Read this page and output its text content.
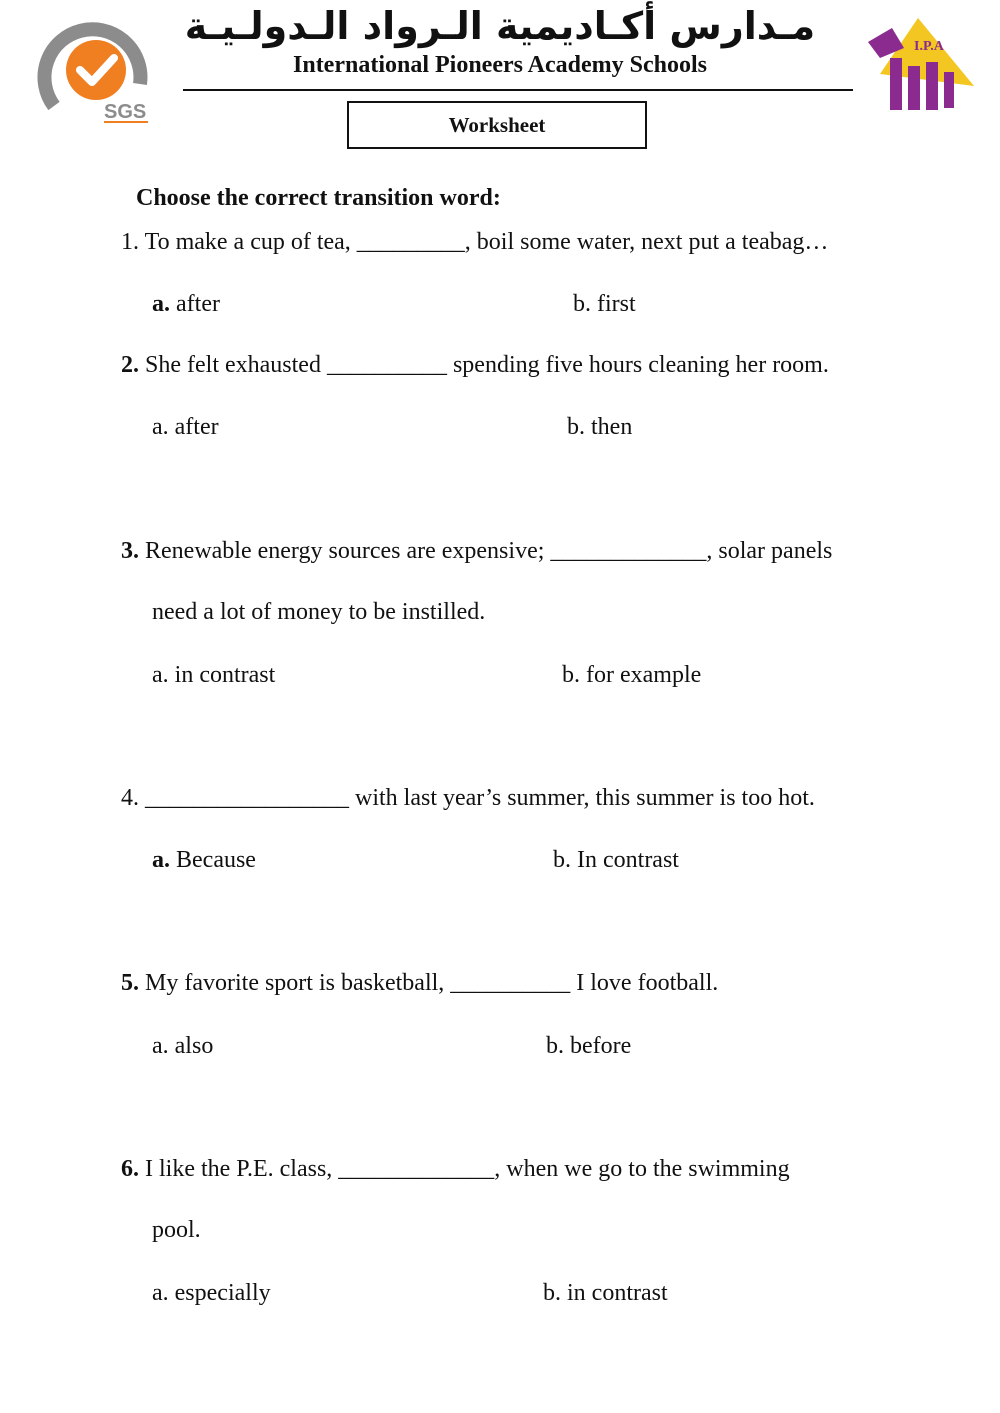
SGS
I.P.A
مـدارس أكـاديمية الـرواد الـدولـيـة
International Pioneers Academy Schools
Worksheet
Choose the correct transition word:
1. To make a cup of tea, _________, boil some water, next put a teabag…
a. after	b. first
2. She felt exhausted __________ spending five hours cleaning her room.
a. after	b. then
3. Renewable energy sources are expensive; _____________, solar panels
need a lot of money to be instilled.
a. in contrast	b. for example
4. _________________ with last year’s summer, this summer is too hot.
a. Because	b. In contrast
5. My favorite sport is basketball, __________ I love football.
a. also	b. before
6. I like the P.E. class, _____________, when we go to the swimming
pool.
a. especially	b. in contrast
